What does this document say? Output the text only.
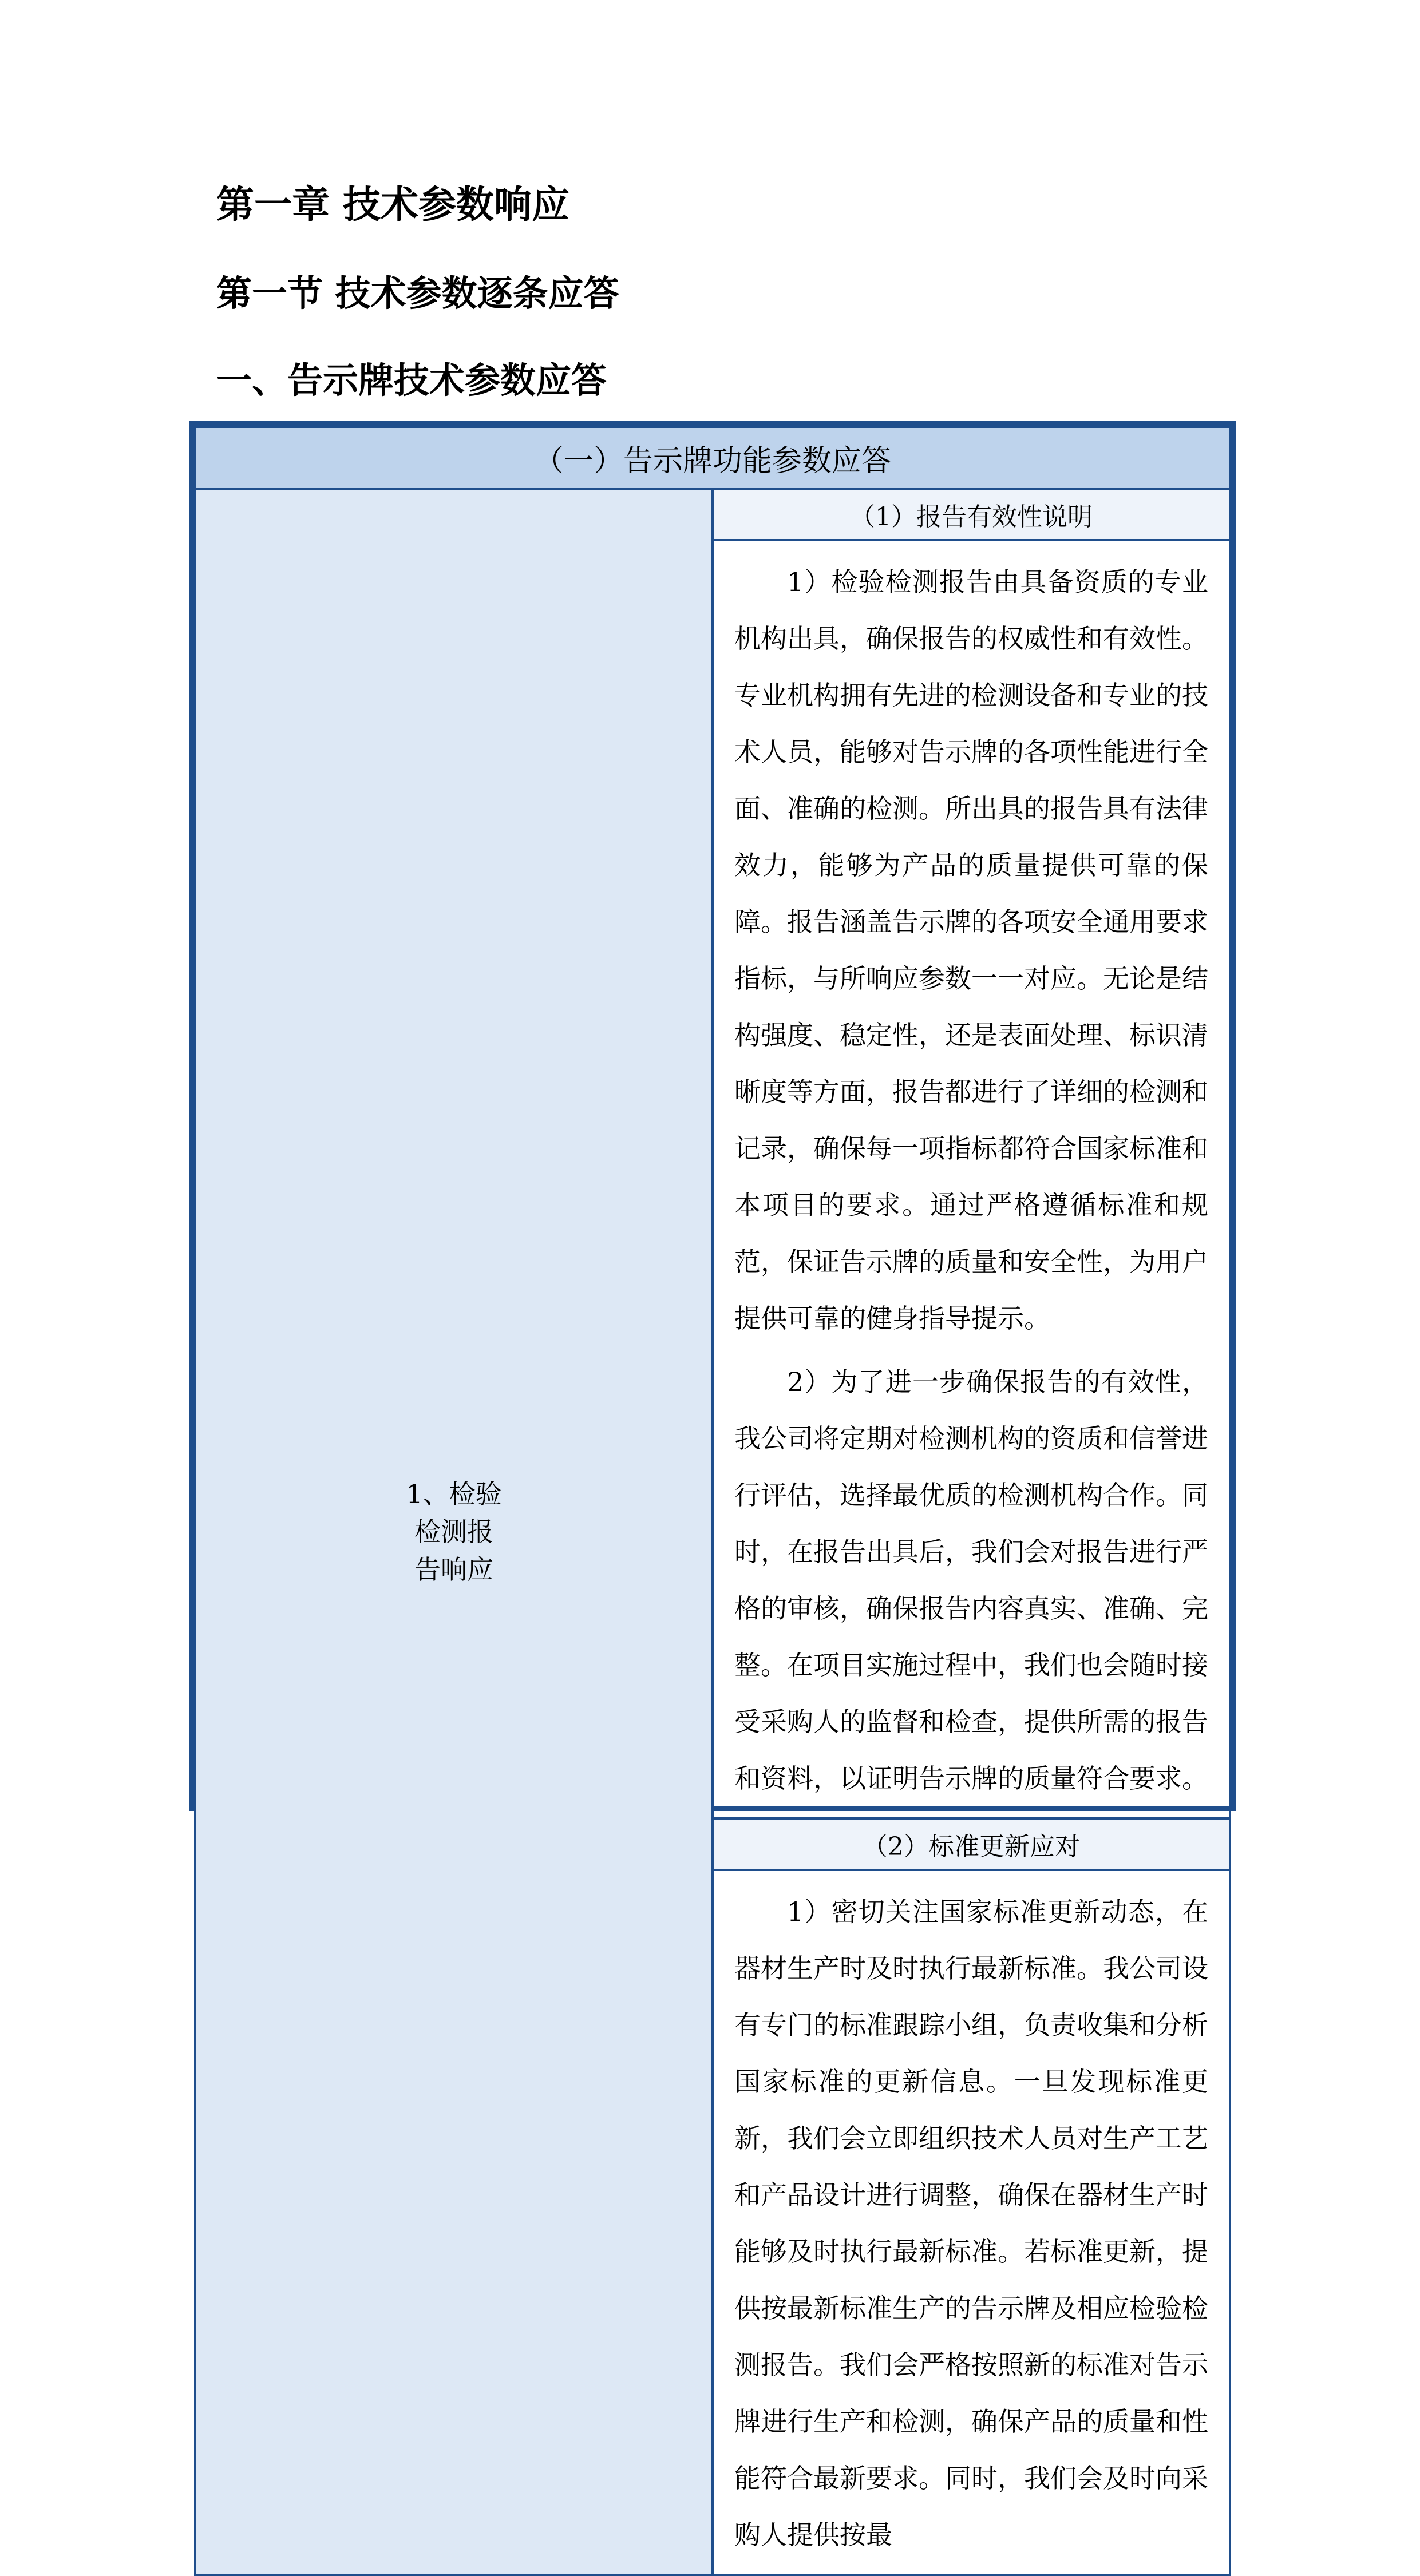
第一章 技术参数响应
第一节 技术参数逐条应答
一、告示牌技术参数应答
（一）告示牌功能参数应答

1、检验
检测报
告响应
	（1）报告有效性说明

1）检验检测报告由具备资质的专业机构出具，确保报告的权威性和有效性。专业机构拥有先进的检测设备和专业的技术人员，能够对告示牌的各项性能进行全面、准确的检测。所出具的报告具有法律效力，能够为产品的质量提供可靠的保障。报告涵盖告示牌的各项安全通用要求指标，与所响应参数一一对应。无论是结构强度、稳定性，还是表面处理、标识清晰度等方面，报告都进行了详细的检测和记录，确保每一项指标都符合国家标准和本项目的要求。通过严格遵循标准和规范，保证告示牌的质量和安全性，为用户提供可靠的健身指导提示。

2）为了进一步确保报告的有效性，我公司将定期对检测机构的资质和信誉进行评估，选择最优质的检测机构合作。同时，在报告出具后，我们会对报告进行严格的审核，确保报告内容真实、准确、完整。在项目实施过程中，我们也会随时接受采购人的监督和检查，提供所需的报告和资料，以证明告示牌的质量符合要求。

（2）标准更新应对

1）密切关注国家标准更新动态，在器材生产时及时执行最新标准。我公司设有专门的标准跟踪小组，负责收集和分析国家标准的更新信息。一旦发现标准更新，我们会立即组织技术人员对生产工艺和产品设计进行调整，确保在器材生产时能够及时执行最新标准。若标准更新，提供按最新标准生产的告示牌及相应检验检测报告。我们会严格按照新的标准对告示牌进行生产和检测，确保产品的质量和性能符合最新要求。同时，我们会及时向采购人提供按最
